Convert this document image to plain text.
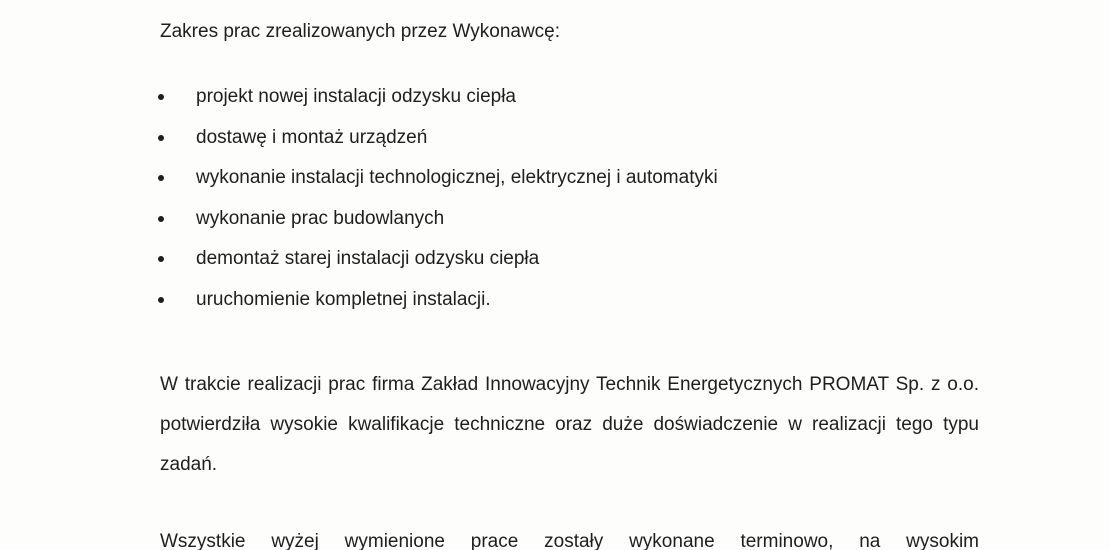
Zakres prac zrealizowanych przez Wykonawcę:
projekt nowej instalacji odzysku ciepła
dostawę i montaż urządzeń
wykonanie instalacji technologicznej, elektrycznej i automatyki
wykonanie prac budowlanych
demontaż starej instalacji odzysku ciepła
uruchomienie kompletnej instalacji.

W trakcie realizacji prac firma Zakład Innowacyjny Technik Energetycznych PROMAT Sp. z o.o. potwierdziła wysokie kwalifikacje techniczne oraz duże doświadczenie w realizacji tego typu zadań.

Wszystkie wyżej wymienione prace zostały wykonane terminowo, na wysokim
